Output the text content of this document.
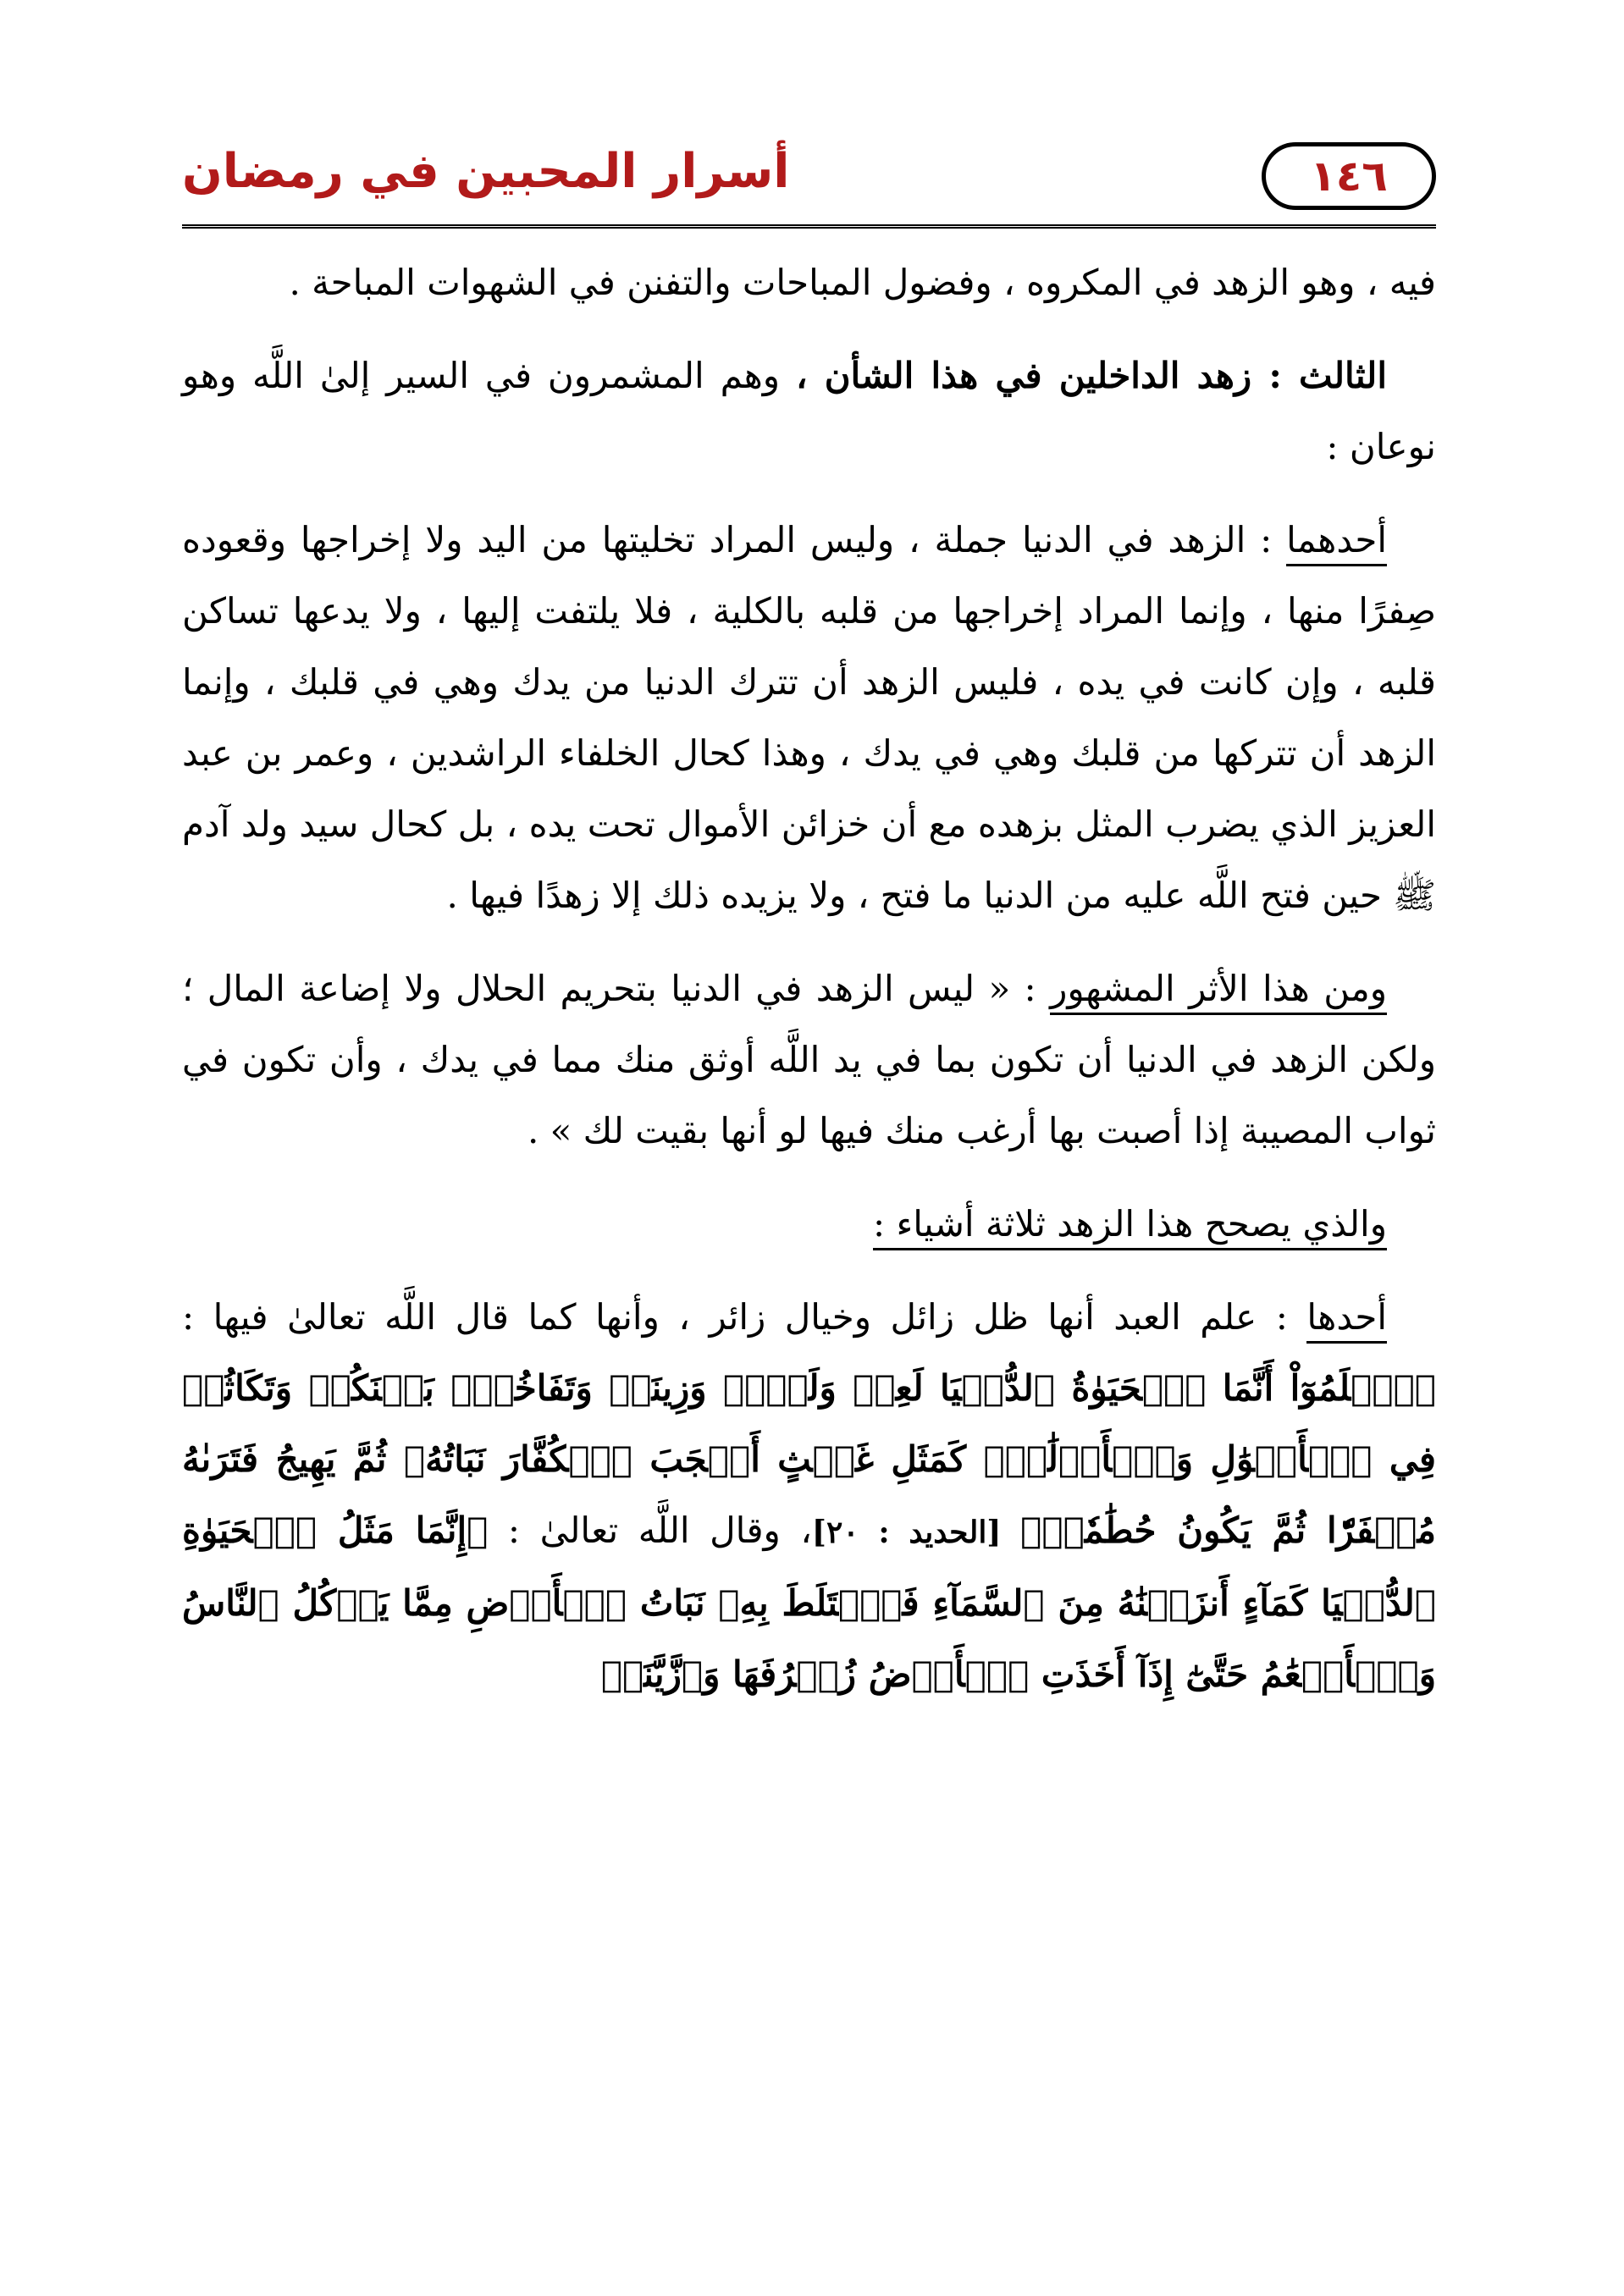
١٤٦
أسرار المحبين في رمضان

فيه ، وهو الزهد في المكروه ، وفضول المباحات والتفنن في الشهوات المباحة .

الثالث : زهد الداخلين في هذا الشأن ، وهم المشمرون في السير إلىٰ اللَّه وهو نوعان :

أحدهما : الزهد في الدنيا جملة ، وليس المراد تخليتها من اليد ولا إخراجها وقعوده صِفرًا منها ، وإنما المراد إخراجها من قلبه بالكلية ، فلا يلتفت إليها ، ولا يدعها تساكن قلبه ، وإن كانت في يده ، فليس الزهد أن تترك الدنيا من يدك وهي في قلبك ، وإنما الزهد أن تتركها من قلبك وهي في يدك ، وهذا كحال الخلفاء الراشدين ، وعمر بن عبد العزيز الذي يضرب المثل بزهده مع أن خزائن الأموال تحت يده ، بل كحال سيد ولد آدم ﷺ حين فتح اللَّه عليه من الدنيا ما فتح ، ولا يزيده ذلك إلا زهدًا فيها .

ومن هذا الأثر المشهور : « ليس الزهد في الدنيا بتحريم الحلال ولا إضاعة المال ؛ ولكن الزهد في الدنيا أن تكون بما في يد اللَّه أوثق منك مما في يدك ، وأن تكون في ثواب المصيبة إذا أصبت بها أرغب منك فيها لو أنها بقيت لك » .

والذي يصحح هذا الزهد ثلاثة أشياء :

أحدها : علم العبد أنها ظل زائل وخيال زائر ، وأنها كما قال اللَّه تعالىٰ فيها : ﴿ٱعۡلَمُوٓاْ أَنَّمَا ٱلۡحَيَوٰةُ ٱلدُّنۡيَا لَعِبٞ وَلَهۡوٞ وَزِينَةٞ وَتَفَاخُرُۢ بَيۡنَكُمۡ وَتَكَاثُرٞ فِي ٱلۡأَمۡوَٰلِ وَٱلۡأَوۡلَٰدِۖ كَمَثَلِ غَيۡثٍ أَعۡجَبَ ٱلۡكُفَّارَ نَبَاتُهُۥ ثُمَّ يَهِيجُ فَتَرَىٰهُ مُصۡفَرّٗا ثُمَّ يَكُونُ حُطَٰمٗاۖ﴾ [الحديد : ٢٠]، وقال اللَّه تعالىٰ : ﴿إِنَّمَا مَثَلُ ٱلۡحَيَوٰةِ ٱلدُّنۡيَا كَمَآءٍ أَنزَلۡنَٰهُ مِنَ ٱلسَّمَآءِ فَٱخۡتَلَطَ بِهِۦ نَبَاتُ ٱلۡأَرۡضِ مِمَّا يَأۡكُلُ ٱلنَّاسُ وَٱلۡأَنۡعَٰمُ حَتَّىٰٓ إِذَآ أَخَذَتِ ٱلۡأَرۡضُ زُخۡرُفَهَا وَٱزَّيَّنَتۡ
